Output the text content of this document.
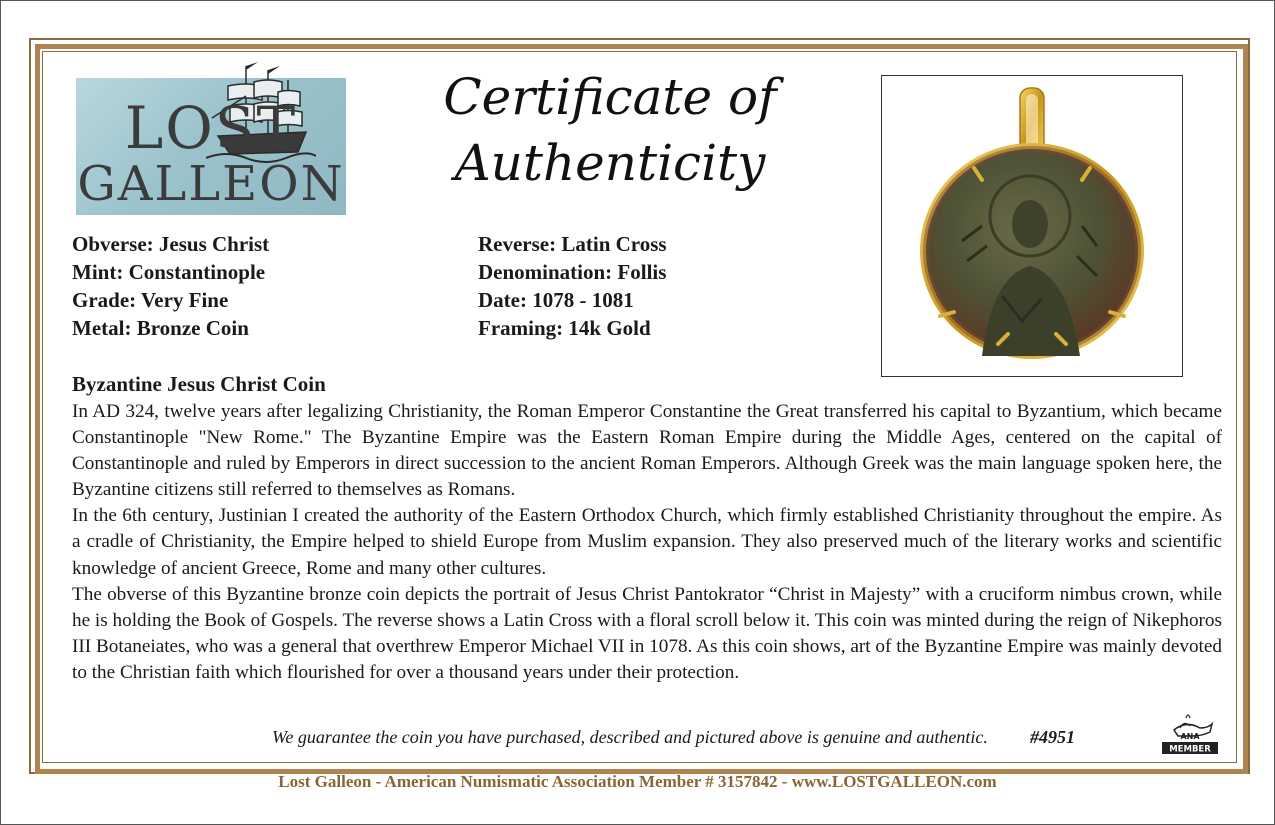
LOST
GALLEON
Certificate of
Authenticity
Obverse: Jesus Christ
Mint: Constantinople
Grade: Very Fine
Metal: Bronze Coin
Reverse: Latin Cross
Denomination: Follis
Date: 1078 - 1081
Framing: 14k Gold
Byzantine Jesus Christ Coin

In AD 324, twelve years after legalizing Christianity, the Roman Emperor Constantine the Great transferred his capital to Byzantium, which became Constantinople "New Rome." The Byzantine Empire was the Eastern Roman Empire during the Middle Ages, centered on the capital of Constantinople and ruled by Emperors in direct succession to the ancient Roman Emperors. Although Greek was the main language spoken here, the Byzantine citizens still referred to themselves as Romans.

In the 6th century, Justinian I created the authority of the Eastern Orthodox Church, which firmly established Christianity throughout the empire. As a cradle of Christianity, the Empire helped to shield Europe from Muslim expansion. They also preserved much of the literary works and scientific knowledge of ancient Greece, Rome and many other cultures.

The obverse of this Byzantine bronze coin depicts the portrait of Jesus Christ Pantokrator “Christ in Majesty” with a cruciform nimbus crown, while he is holding the Book of Gospels. The reverse shows a Latin Cross with a floral scroll below it. This coin was minted during the reign of Nikephoros III Botaneiates, who was a general that overthrew Emperor Michael VII in 1078. As this coin shows, art of the Byzantine Empire was mainly devoted to the Christian faith which flourished for over a thousand years under their protection.

We guarantee the coin you have purchased, described and pictured above is genuine and authentic. #4951	ANA
MEMBER
Lost Galleon - American Numismatic Association Member # 3157842 - www.LOSTGALLEON.com
